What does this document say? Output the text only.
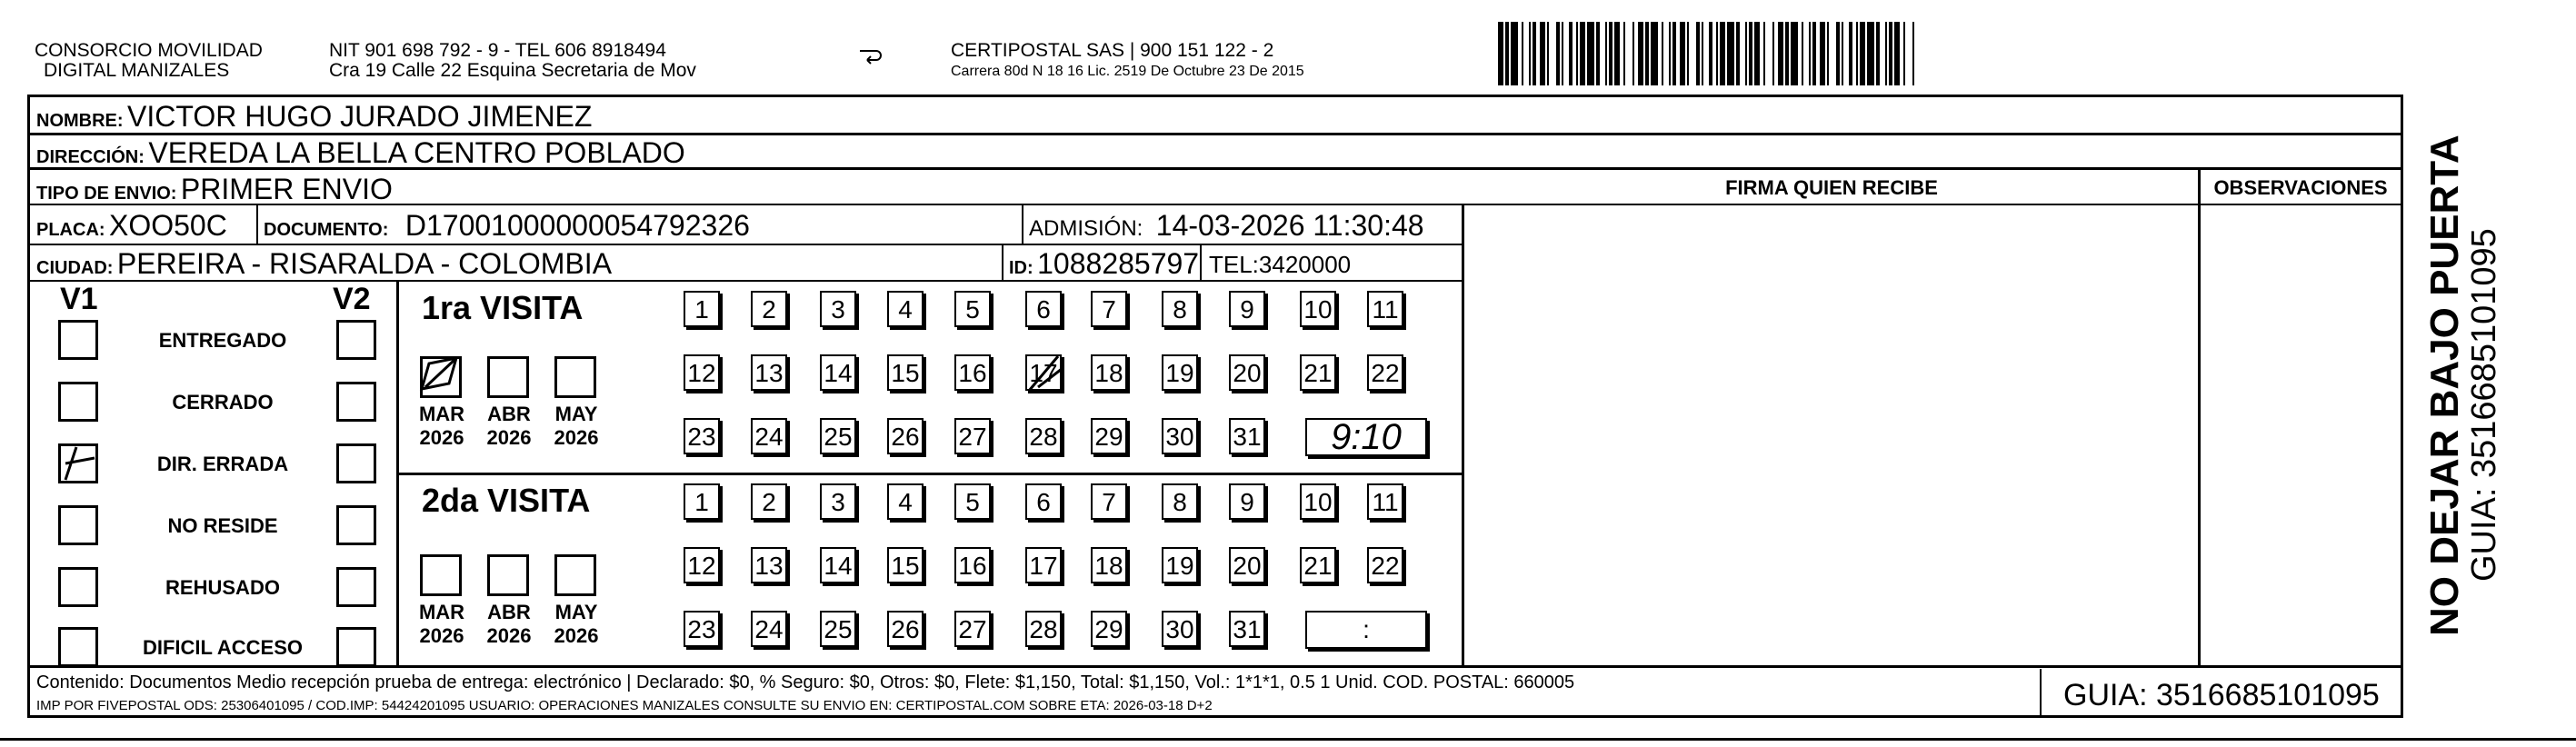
CONSORCIO MOVILIDAD
DIGITAL MANIZALES
NIT 901 698 792 - 9 - TEL 606 8918494
Cra 19 Calle 22 Esquina Secretaria de Mov
CERTIPOSTAL SAS | 900 151 122 - 2
Carrera 80d N 18 16 Lic. 2519 De Octubre 23 De 2015
NOMBRE: VICTOR HUGO JURADO JIMENEZ
DIRECCIÓN: VEREDA LA BELLA CENTRO POBLADO
TIPO DE ENVIO: PRIMER ENVIO
PLACA: XOO50C DOCUMENTO: D17001000000054792326	ADMISIÓN: 14-03-2026 11:30:48
CIUDAD: PEREIRA - RISARALDA - COLOMBIA	ID: 1088285797 TEL:3420000
FIRMA QUIEN RECIBE	OBSERVACIONES
V1	V2
ENTREGADO
CERRADO
DIR. ERRADA
NO RESIDE
REHUSADO
DIFICIL ACCESO
1ra VISITA
2da VISITA
MAR
2026
ABR
2026
MAY
2026
1	2	3	4	5	6	7	8	9	10 11
12 13 14 15 16 17 18 19 20 21 22
23 24 25 26 27 28 29 30 31	9:10
MAR
2026
ABR
2026
MAY
2026
1	2	3	4	5	6	7	8	9	10 11
12 13 14 15 16 17 18 19 20 21 22
23 24 25 26 27 28 29 30 31	:	NO DEJAR BAJO PUERTA
GUIA: 3516685101095
Contenido: Documentos Medio recepción prueba de entrega: electrónico | Declarado: $0, % Seguro: $0, Otros: $0, Flete: $1,150, Total: $1,150, Vol.: 1*1*1, 0.5 1 Unid. COD. POSTAL: 660005
IMP POR FIVEPOSTAL ODS: 25306401095 / COD.IMP: 54424201095 USUARIO: OPERACIONES MANIZALES CONSULTE SU ENVIO EN: CERTIPOSTAL.COM SOBRE ETA: 2026-03-18 D+2	GUIA: 3516685101095
